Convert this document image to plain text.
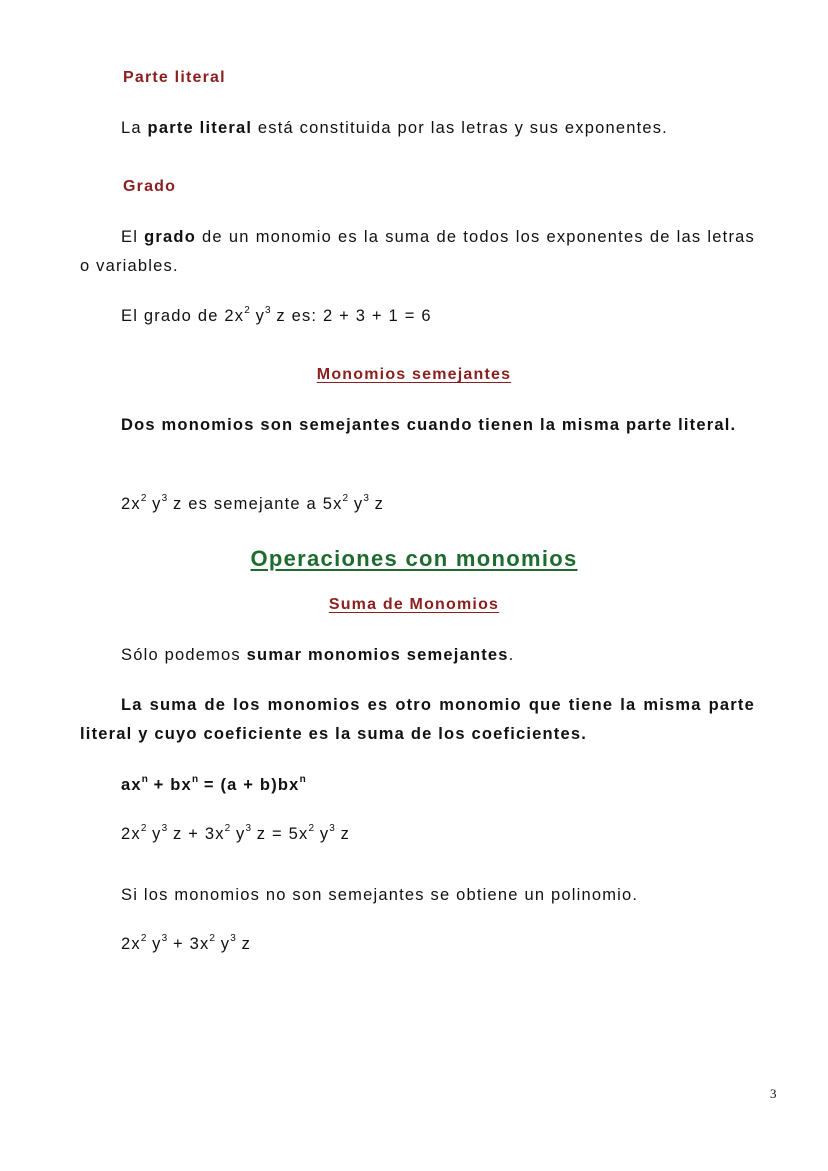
Parte literal
La parte literal está constituida por las letras y sus exponentes.
Grado
El grado de un monomio es la suma de todos los exponentes de las letras o variables.
El grado de $2x^2$ $y^3$ z es: 2 + 3 + 1 = 6
Monomios semejantes
Dos monomios son semejantes cuando tienen la misma parte literal.
$2x^2$ $y^3$ z es semejante a $5x^2$ $y^3$ z
Operaciones con monomios
Suma de Monomios
Sólo podemos sumar monomios semejantes.
La suma de los monomios es otro monomio que tiene la misma parte literal y cuyo coeficiente es la suma de los coeficientes.
$ax^n + bx^n = (a + b)bx^n$
$2x^2$ $y^3$ $z + 3x^2$ $y^3$ $z = 5x^2$ $y^3$ z
Si los monomios no son semejantes se obtiene un polinomio.
$2x^2$ $y^3 + 3x^2$ $y^3$ z
3
